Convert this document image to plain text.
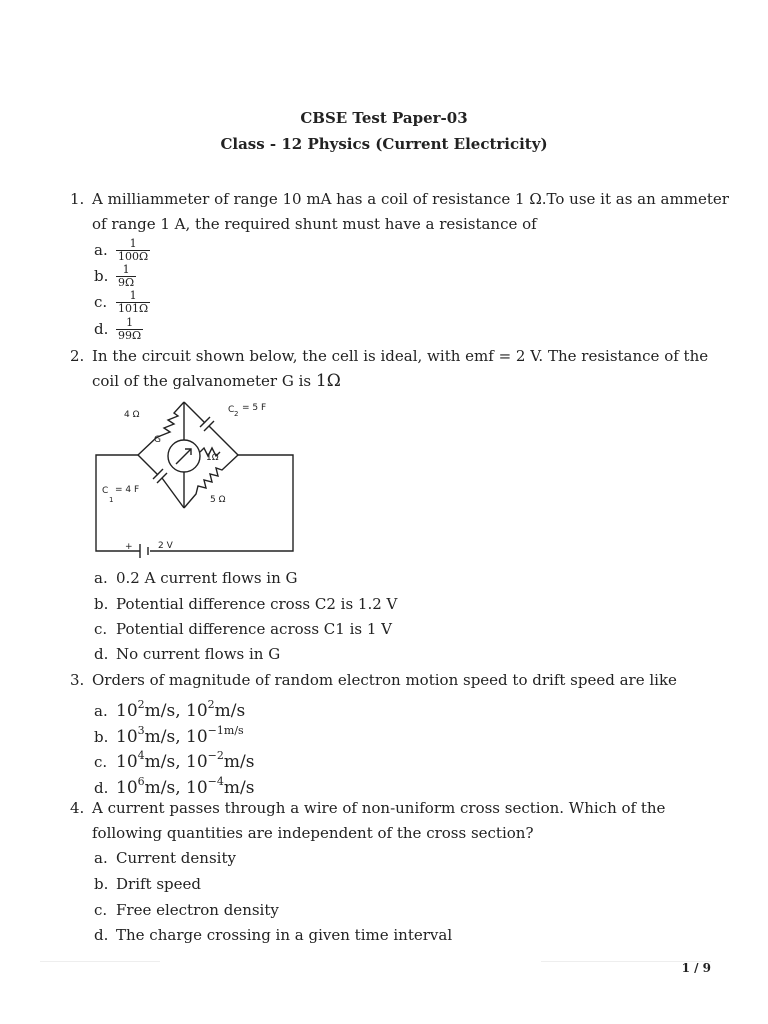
CBSE Test Paper-03
Class - 12 Physics (Current Electricity)
1. A milliammeter of range 10 mA has a coil of resistance 1 Ω.To use it as an ammeter of range 1 A, the required shunt must have a resistance of
a. $\frac{1}{100\Omega}$
b. $\frac{1}{9\Omega}$
c. $\frac{1}{101\Omega}$
d. $\frac{1}{99\Omega}$
2. In the circuit shown below, the cell is ideal, with emf = 2 V. The resistance of the coil of the galvanometer G is 1Ω
4 Ω	C 2
= 5 F
G
1Ω
C
1
= 4 F
5 Ω
+	2 V
a. 0.2 A current flows in G
b. Potential difference cross C2 is 1.2 V
c. Potential difference across C1 is 1 V
d. No current flows in G
3. Orders of magnitude of random electron motion speed to drift speed are like
a. $10^2m/s$, $10^2m/s$
b. $10^3m/s$, $10^{-1m/s}$
c. $10^4m/s$, $10^{-2}m/s$
d. $10^6m/s$, $10^{-4}m/s$
4. A current passes through a wire of non-uniform cross section. Which of the following quantities are independent of the cross section?
a. Current density
b. Drift speed
c. Free electron density
d. The charge crossing in a given time interval
1 / 9
